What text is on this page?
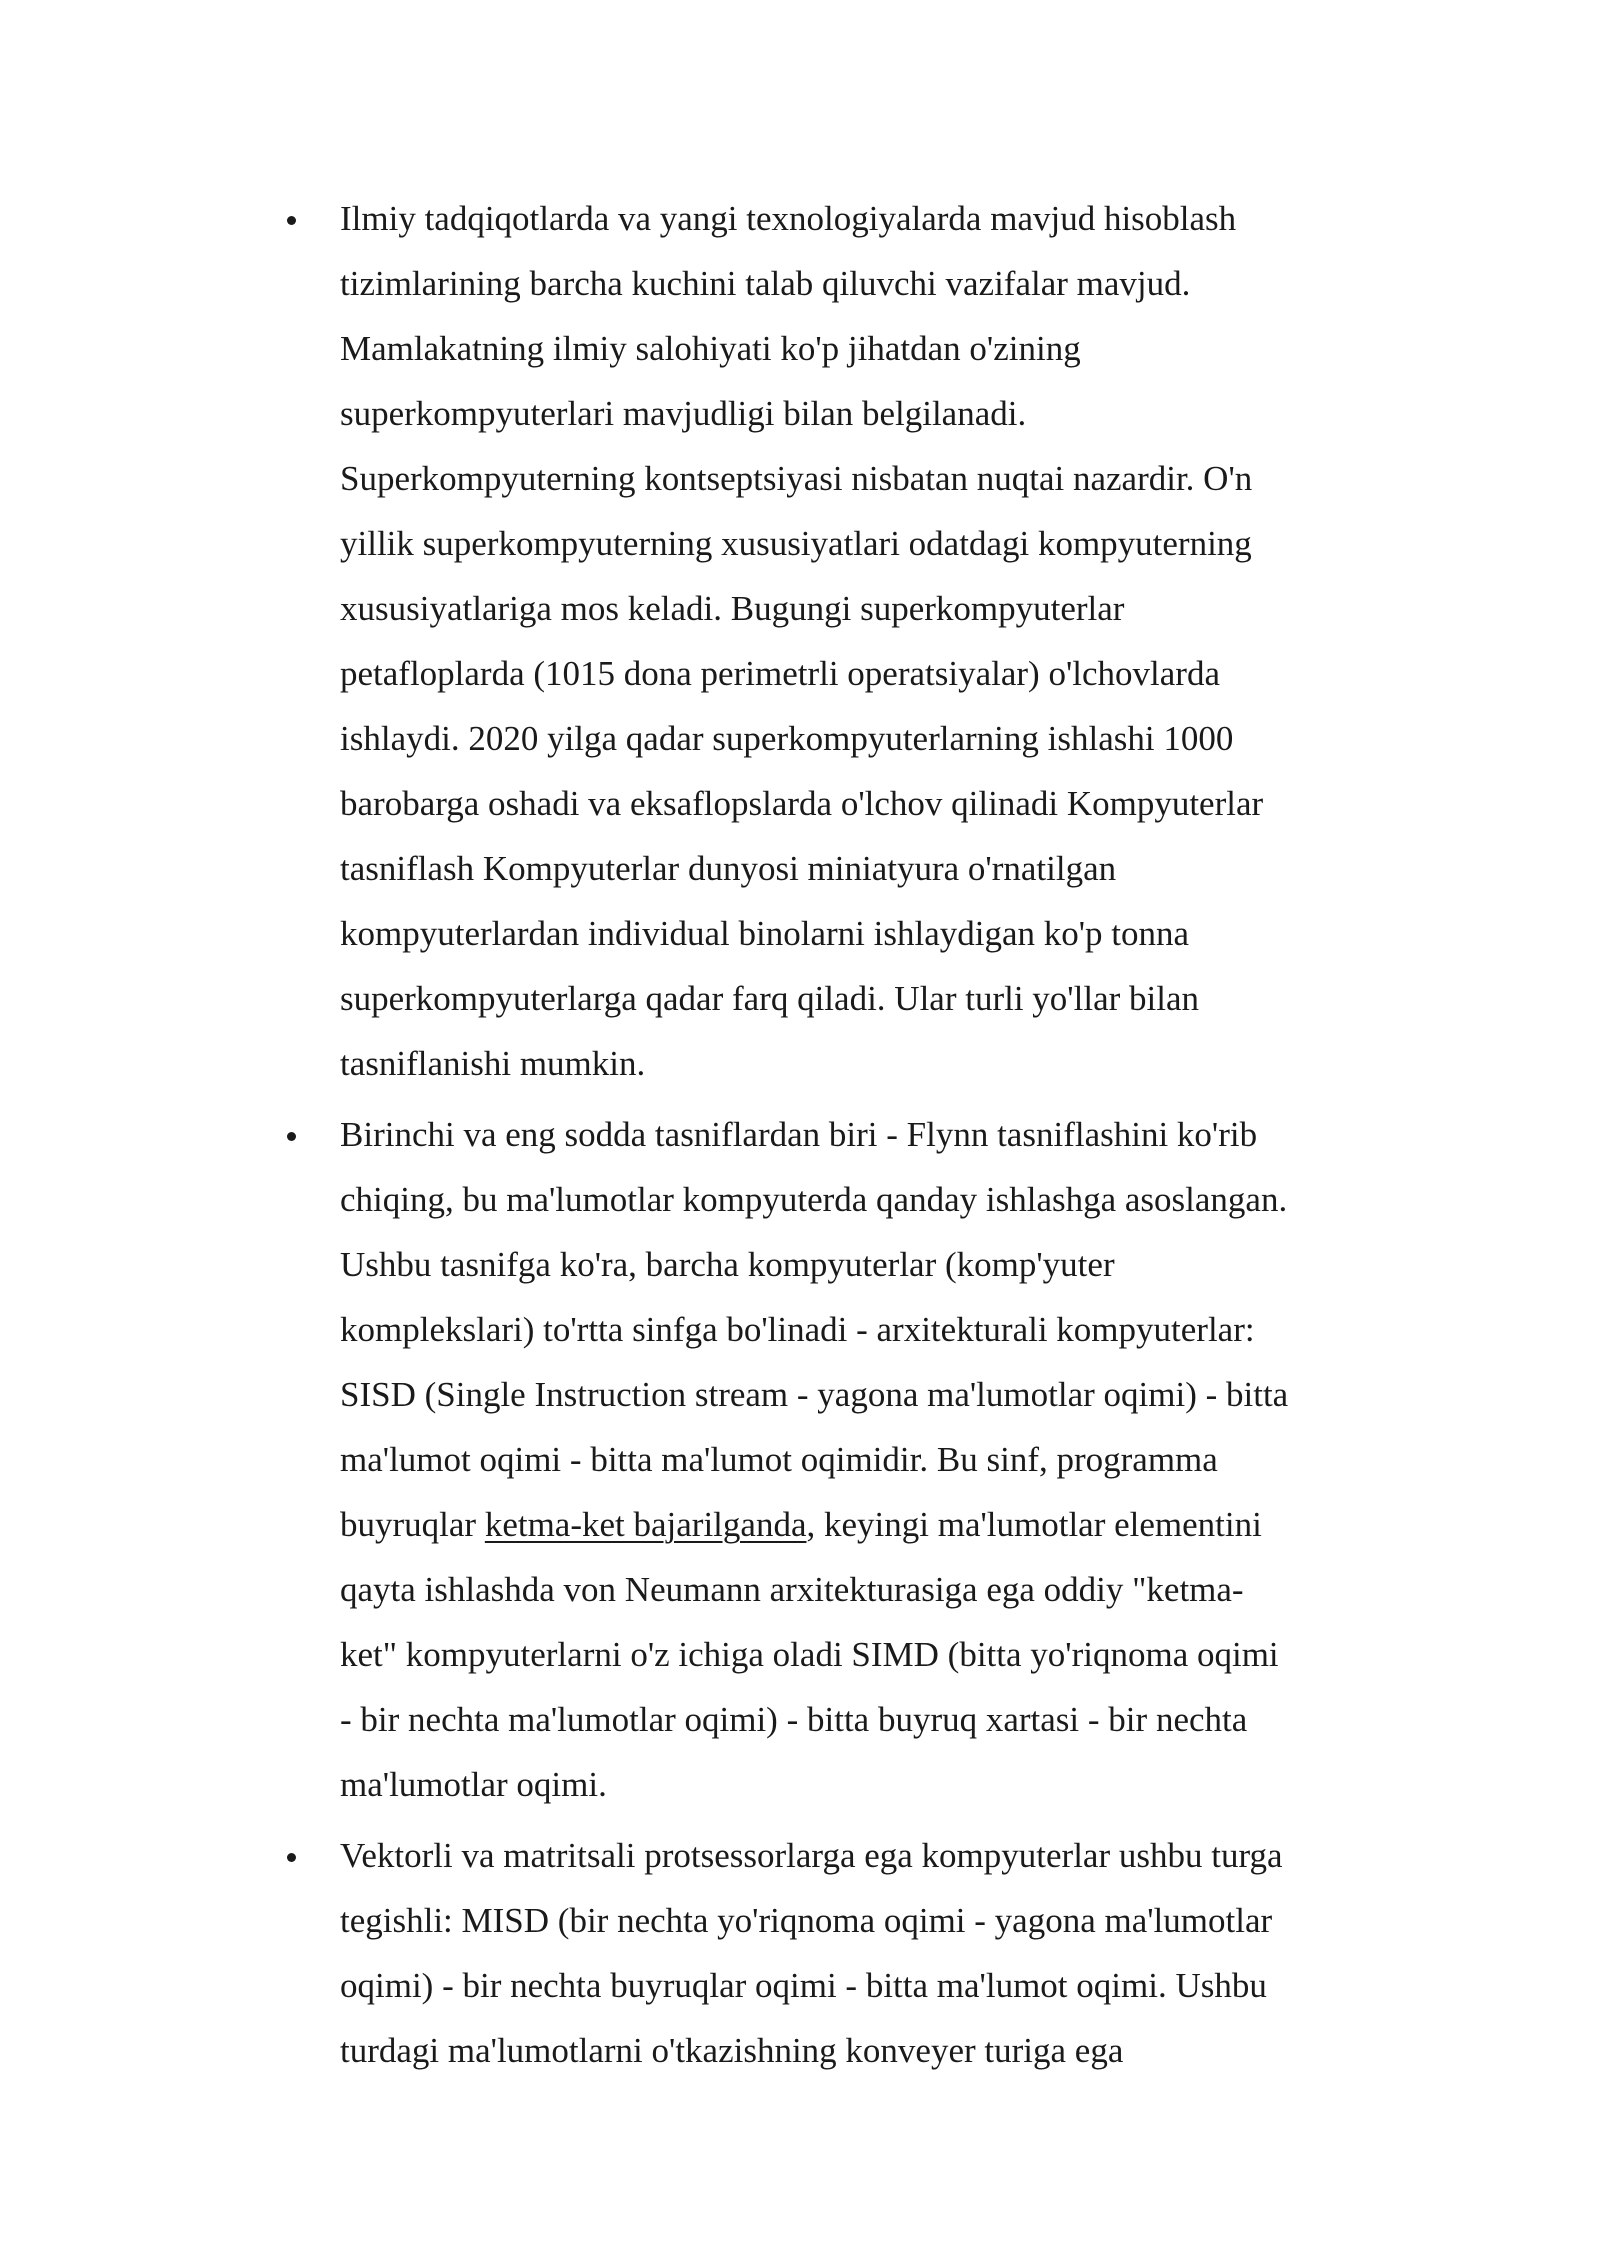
Ilmiy tadqiqotlarda va yangi texnologiyalarda mavjud hisoblash
tizimlarining barcha kuchini talab qiluvchi vazifalar mavjud.
Mamlakatning ilmiy salohiyati ko'p jihatdan o'zining
superkompyuterlari mavjudligi bilan belgilanadi.
Superkompyuterning kontseptsiyasi nisbatan nuqtai nazardir. O'n
yillik superkompyuterning xususiyatlari odatdagi kompyuterning
xususiyatlariga mos keladi. Bugungi superkompyuterlar
petafloplarda (1015 dona perimetrli operatsiyalar) o'lchovlarda
ishlaydi. 2020 yilga qadar superkompyuterlarning ishlashi 1000
barobarga oshadi va eksaflopslarda o'lchov qilinadi Kompyuterlar
tasniflash Kompyuterlar dunyosi miniatyura o'rnatilgan
kompyuterlardan individual binolarni ishlaydigan ko'p tonna
superkompyuterlarga qadar farq qiladi. Ular turli yo'llar bilan
tasniflanishi mumkin.

Birinchi va eng sodda tasniflardan biri - Flynn tasniflashini ko'rib
chiqing, bu ma'lumotlar kompyuterda qanday ishlashga asoslangan.
Ushbu tasnifga ko'ra, barcha kompyuterlar (komp'yuter
komplekslari) to'rtta sinfga bo'linadi - arxitekturali kompyuterlar:
SISD (Single Instruction stream - yagona ma'lumotlar oqimi) - bitta
ma'lumot oqimi - bitta ma'lumot oqimidir. Bu sinf, programma
buyruqlar ketma-ket bajarilganda, keyingi ma'lumotlar elementini
qayta ishlashda von Neumann arxitekturasiga ega oddiy "ketma-
ket" kompyuterlarni o'z ichiga oladi SIMD (bitta yo'riqnoma oqimi
- bir nechta ma'lumotlar oqimi) - bitta buyruq xartasi - bir nechta
ma'lumotlar oqimi.

Vektorli va matritsali protsessorlarga ega kompyuterlar ushbu turga
tegishli: MISD (bir nechta yo'riqnoma oqimi - yagona ma'lumotlar
oqimi) - bir nechta buyruqlar oqimi - bitta ma'lumot oqimi. Ushbu
turdagi ma'lumotlarni o'tkazishning konveyer turiga ega
